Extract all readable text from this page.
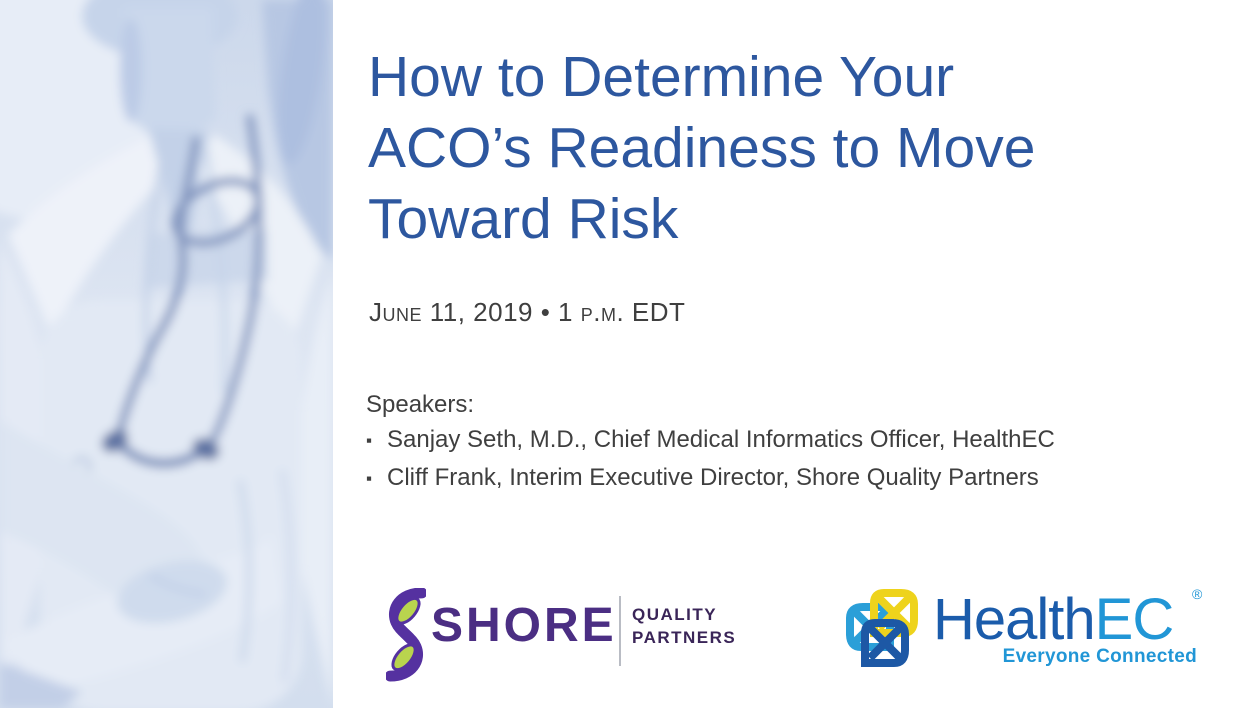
How to Determine Your
ACO’s Readiness to Move
Toward Risk
June 11, 2019 • 1 p.m. EDT
Speakers:
▪ Sanjay Seth, M.D., Chief Medical Informatics Officer, HealthEC
▪ Cliff Frank, Interim Executive Director, Shore Quality Partners
SHORE QUALITY
PARTNERS	HealthEC ®
Everyone Connected
